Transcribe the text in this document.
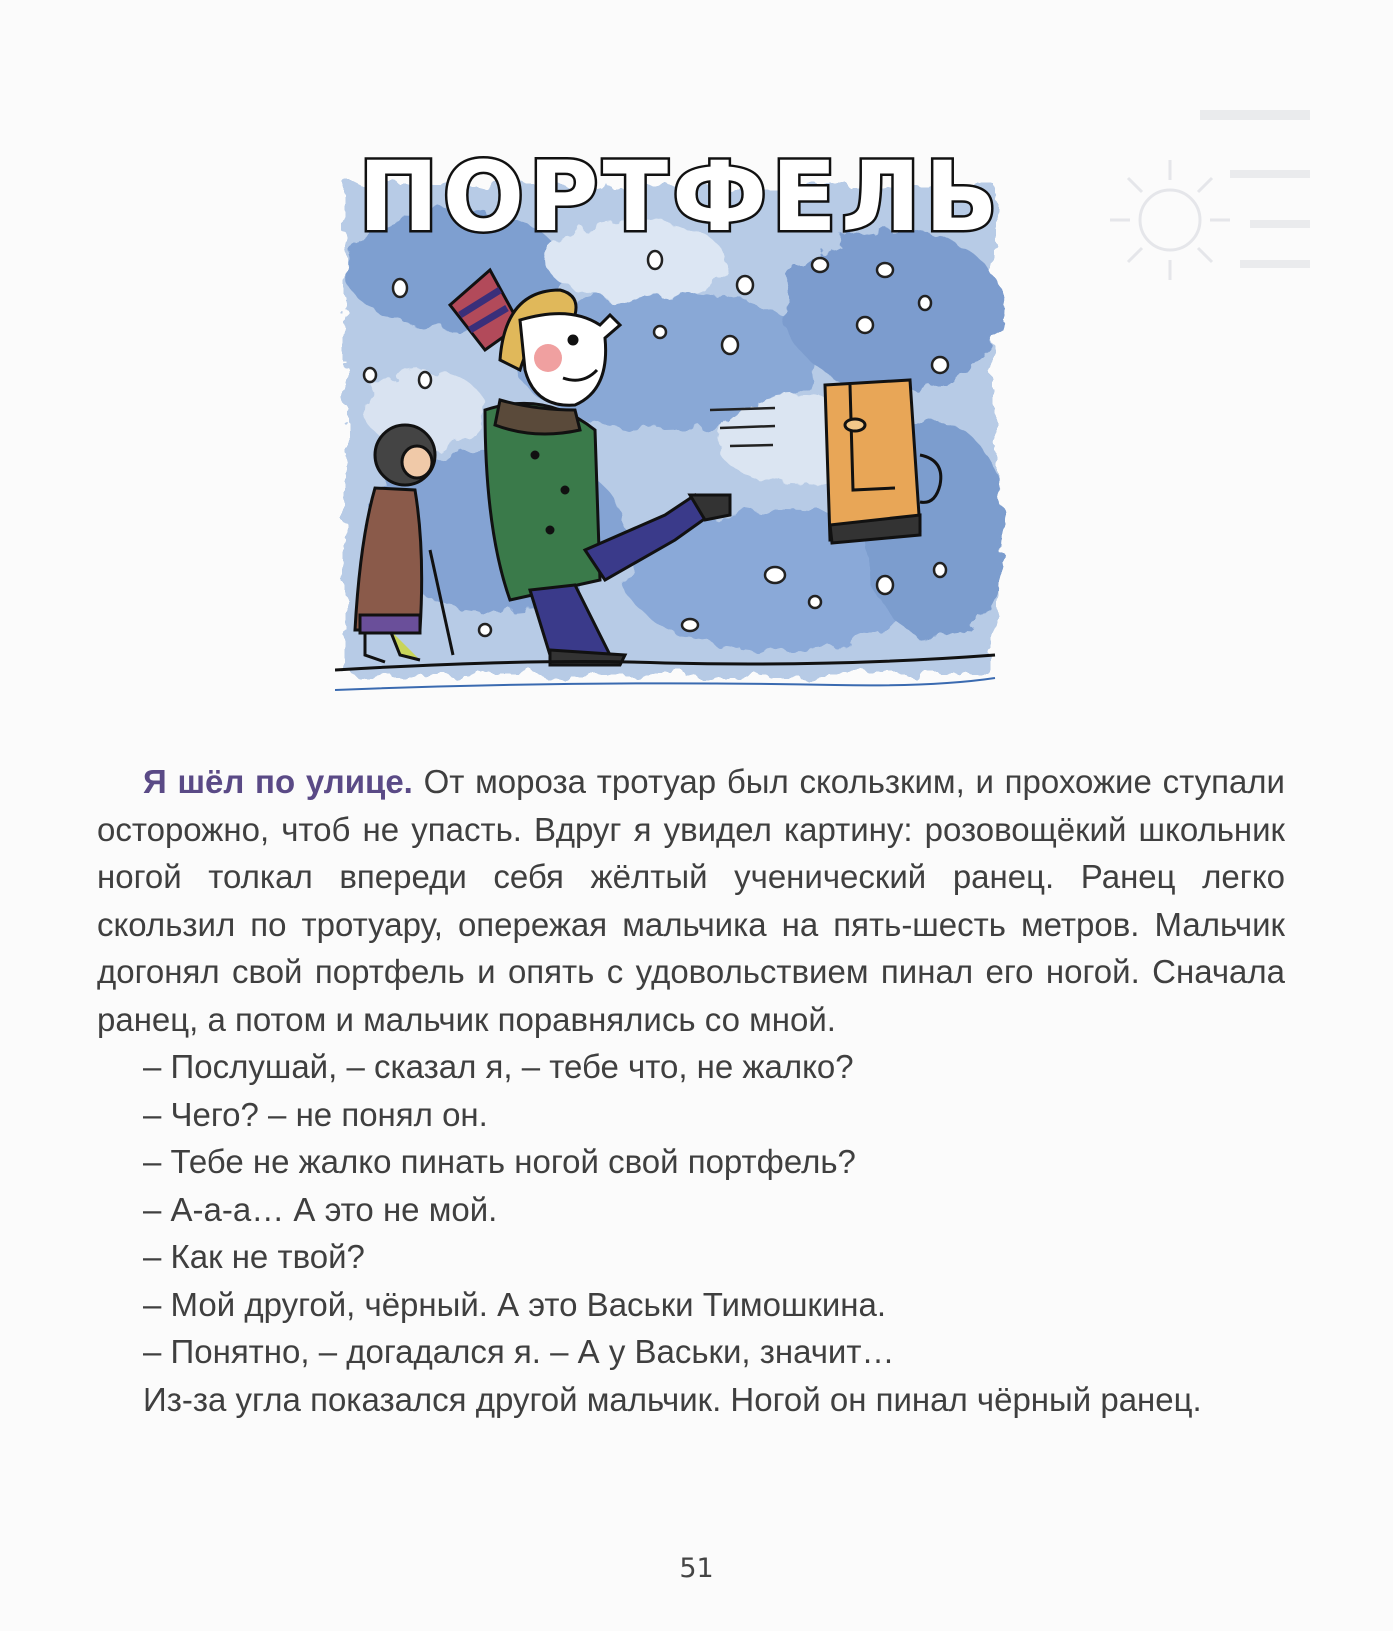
ПОРТФЕЛЬ

Я шёл по улице. От мороза тротуар был скользким, и прохожие ступали осторожно, чтоб не упасть. Вдруг я увидел картину: розовощёкий школьник ногой толкал впереди себя жёлтый ученический ранец. Ранец легко скользил по тротуару, опережая мальчика на пять-шесть метров. Мальчик догонял свой портфель и опять с удовольствием пинал его ногой. Сначала ранец, а потом и мальчик поравнялись со мной.

– Послушай, – сказал я, – тебе что, не жалко?

– Чего? – не понял он.

– Тебе не жалко пинать ногой свой портфель?

– А-а-а… А это не мой.

– Как не твой?

– Мой другой, чёрный. А это Васьки Тимошкина.

– Понятно, – догадался я. – А у Васьки, значит…

Из-за угла показался другой мальчик. Ногой он пинал чёрный ранец.

51
